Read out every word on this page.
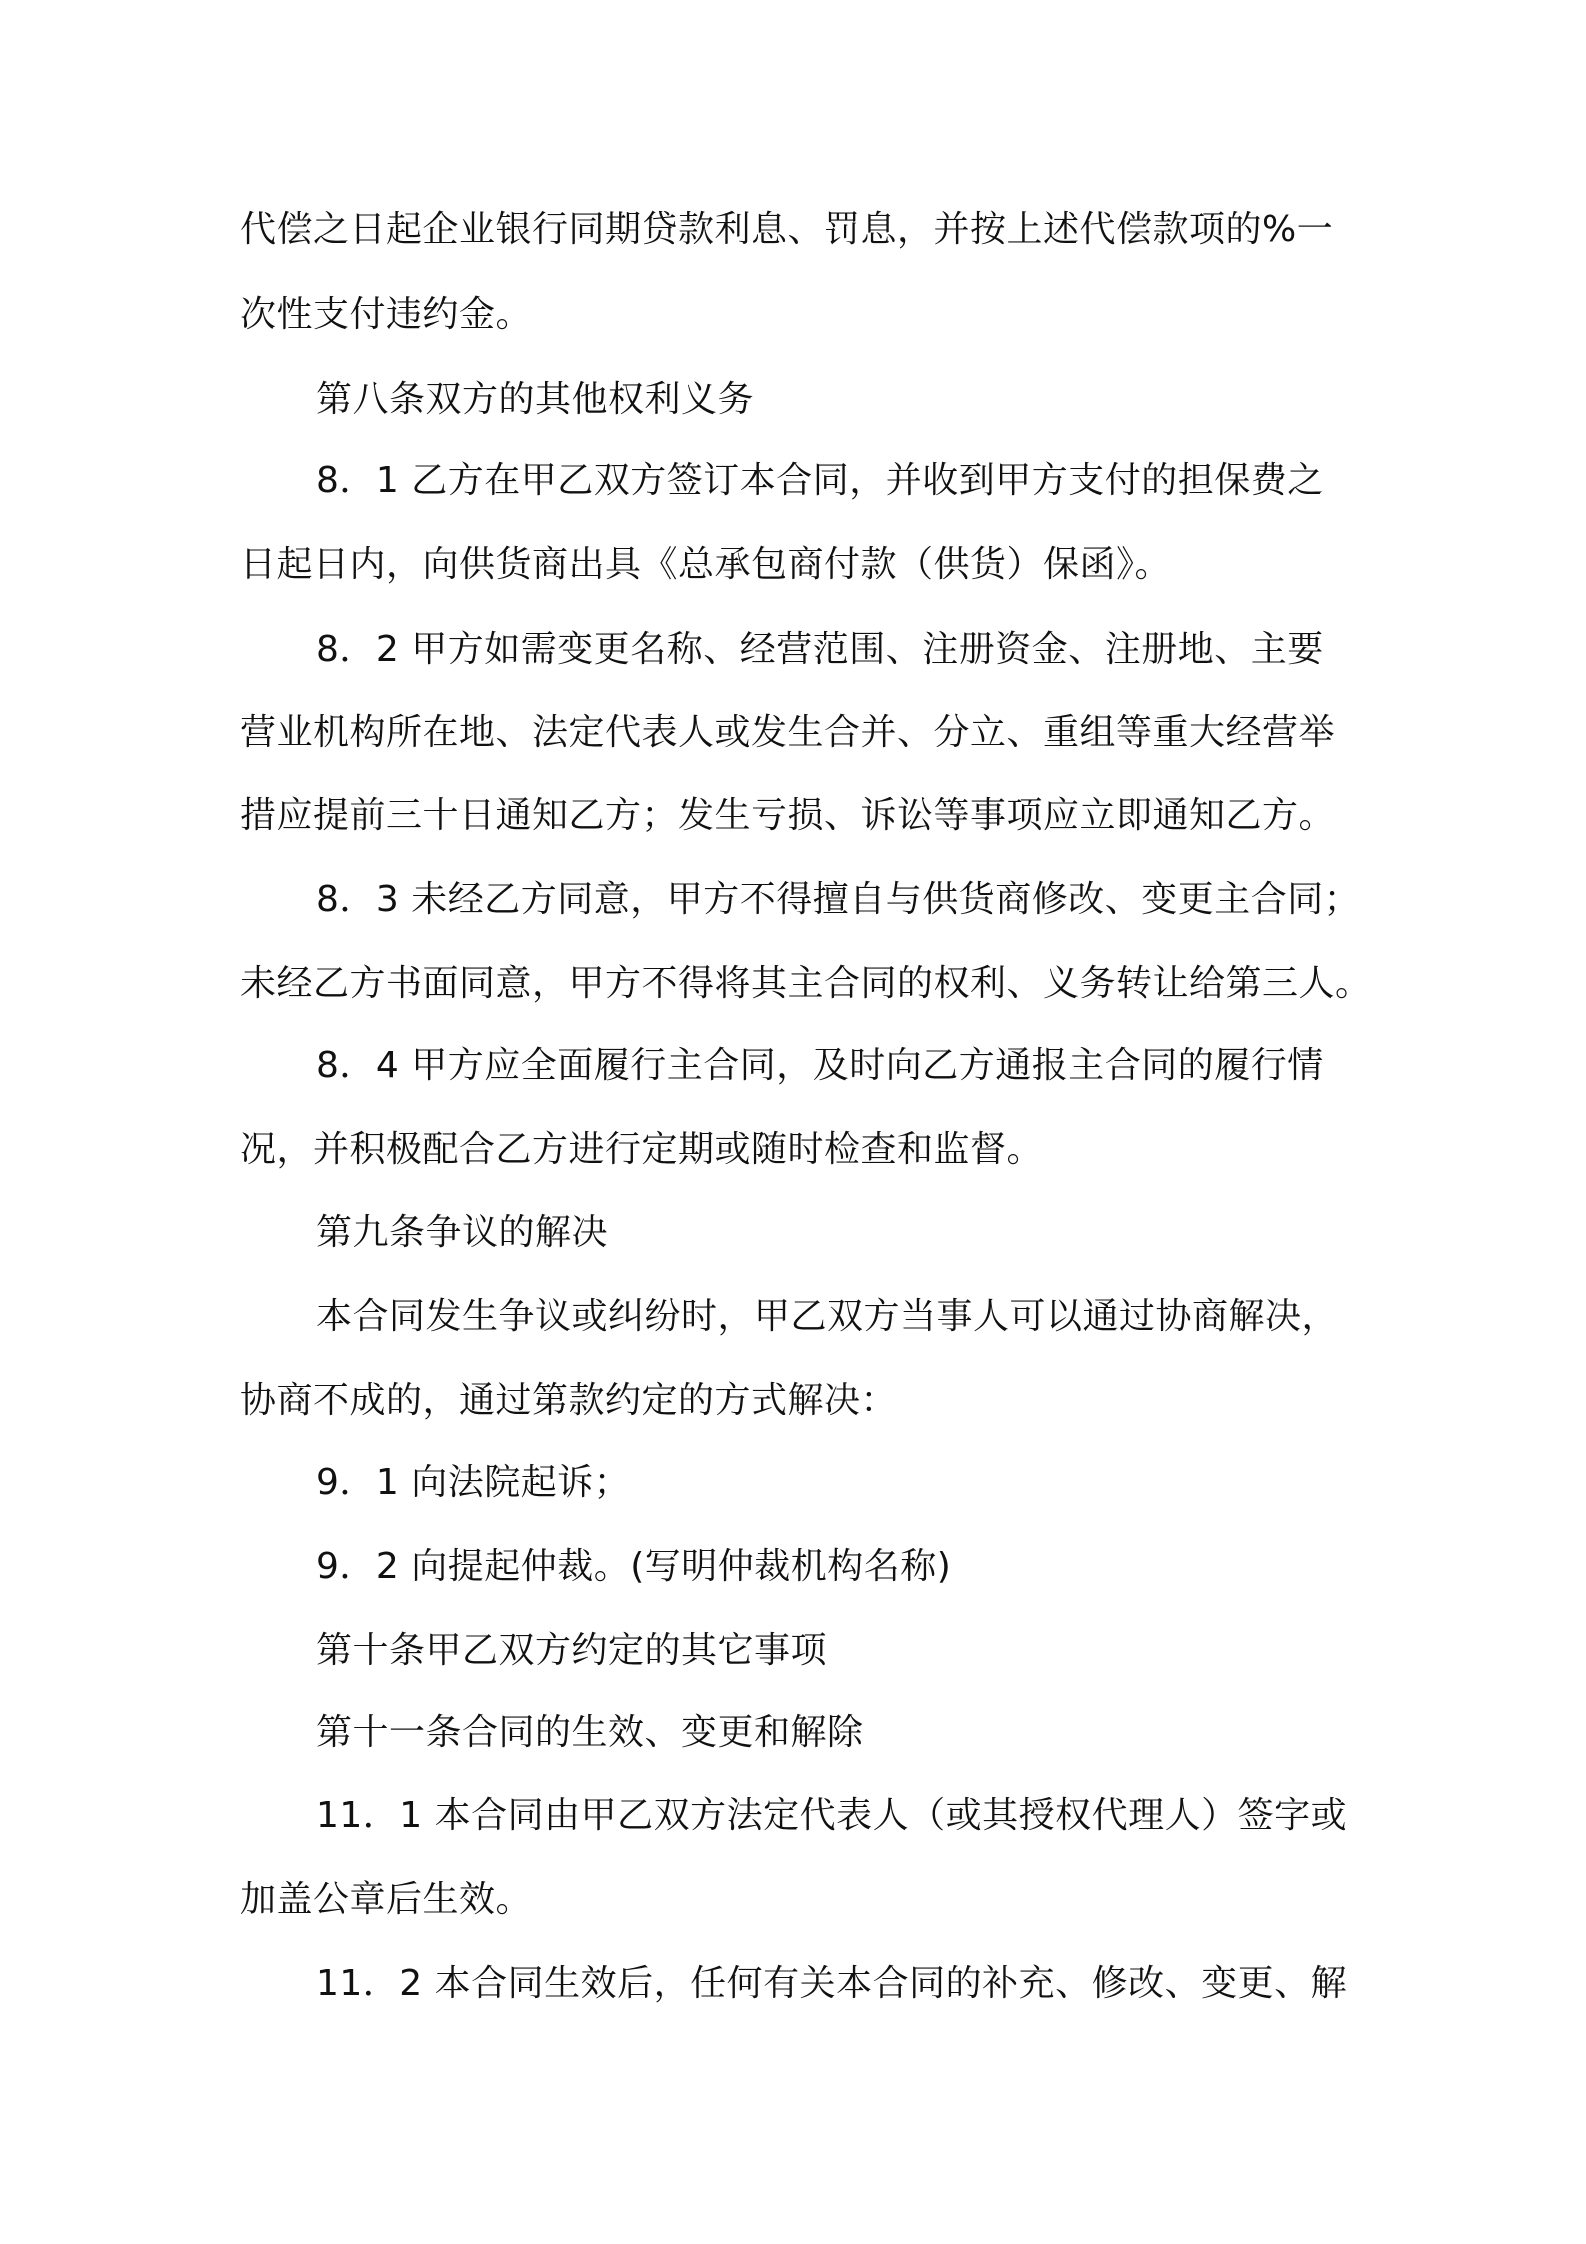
代偿之日起企业银行同期贷款利息、罚息，并按上述代偿款项的%一

次性支付违约金。

第八条双方的其他权利义务

8．1 乙方在甲乙双方签订本合同，并收到甲方支付的担保费之

日起日内，向供货商出具《总承包商付款（供货）保函》。

8．2 甲方如需变更名称、经营范围、注册资金、注册地、主要

营业机构所在地、法定代表人或发生合并、分立、重组等重大经营举

措应提前三十日通知乙方；发生亏损、诉讼等事项应立即通知乙方。

8．3 未经乙方同意，甲方不得擅自与供货商修改、变更主合同；

未经乙方书面同意，甲方不得将其主合同的权利、义务转让给第三人。

8．4 甲方应全面履行主合同，及时向乙方通报主合同的履行情

况，并积极配合乙方进行定期或随时检查和监督。

第九条争议的解决

本合同发生争议或纠纷时，甲乙双方当事人可以通过协商解决，

协商不成的，通过第款约定的方式解决：

9．1 向法院起诉；

9．2 向提起仲裁。(写明仲裁机构名称)

第十条甲乙双方约定的其它事项

第十一条合同的生效、变更和解除

11．1 本合同由甲乙双方法定代表人（或其授权代理人）签字或

加盖公章后生效。

11．2 本合同生效后，任何有关本合同的补充、修改、变更、解
